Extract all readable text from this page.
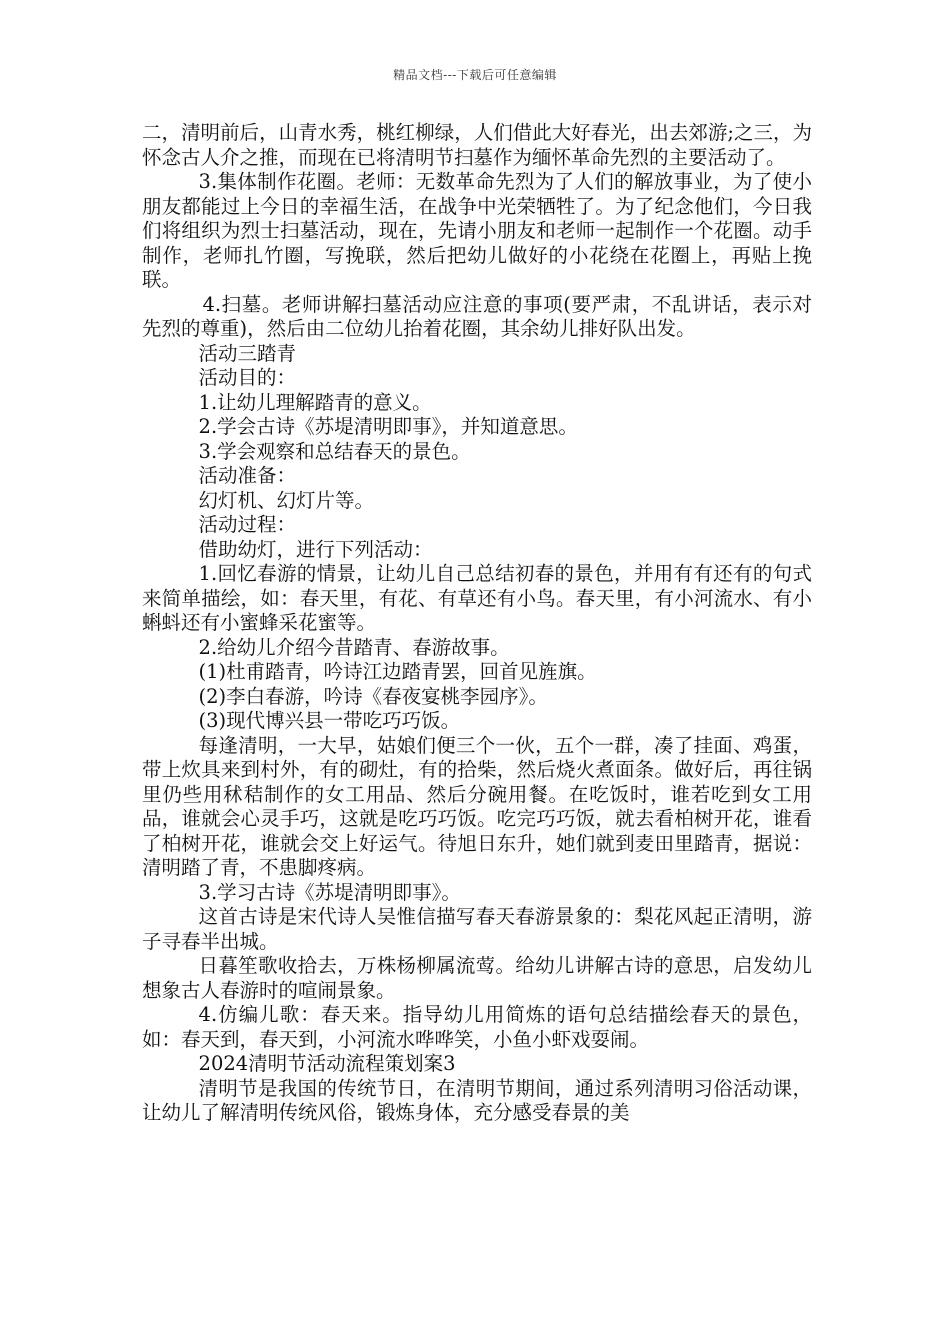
精品文档---下载后可任意编辑

二，清明前后，山青水秀，桃红柳绿，人们借此大好春光，出去郊游;之三，为怀念古人介之推，而现在已将清明节扫墓作为缅怀革命先烈的主要活动了。

3.集体制作花圈。老师：无数革命先烈为了人们的解放事业，为了使小朋友都能过上今日的幸福生活，在战争中光荣牺牲了。为了纪念他们，今日我们将组织为烈士扫墓活动，现在，先请小朋友和老师一起制作一个花圈。动手制作，老师扎竹圈，写挽联，然后把幼儿做好的小花绕在花圈上，再贴上挽联。

4.扫墓。老师讲解扫墓活动应注意的事项(要严肃，不乱讲话，表示对先烈的尊重)，然后由二位幼儿抬着花圈，其余幼儿排好队出发。

活动三踏青

活动目的：

1.让幼儿理解踏青的意义。

2.学会古诗《苏堤清明即事》，并知道意思。

3.学会观察和总结春天的景色。

活动准备：

幻灯机、幻灯片等。

活动过程：

借助幼灯，进行下列活动：

1.回忆春游的情景，让幼儿自己总结初春的景色，并用有有还有的句式来简单描绘，如：春天里，有花、有草还有小鸟。春天里，有小河流水、有小蝌蚪还有小蜜蜂采花蜜等。

2.给幼儿介绍今昔踏青、春游故事。

(1)杜甫踏青，吟诗江边踏青罢，回首见旌旗。

(2)李白春游，吟诗《春夜宴桃李园序》。

(3)现代博兴县一带吃巧巧饭。

每逢清明，一大早，姑娘们便三个一伙，五个一群，凑了挂面、鸡蛋，带上炊具来到村外，有的砌灶，有的拾柴，然后烧火煮面条。做好后，再往锅里仍些用秫秸制作的女工用品、然后分碗用餐。在吃饭时，谁若吃到女工用品，谁就会心灵手巧，这就是吃巧巧饭。吃完巧巧饭，就去看柏树开花，谁看了柏树开花，谁就会交上好运气。待旭日东升，她们就到麦田里踏青，据说：清明踏了青，不患脚疼病。

3.学习古诗《苏堤清明即事》。

这首古诗是宋代诗人吴惟信描写春天春游景象的：梨花风起正清明，游子寻春半出城。

日暮笙歌收拾去，万株杨柳属流莺。给幼儿讲解古诗的意思，启发幼儿想象古人春游时的喧闹景象。

4.仿编儿歌：春天来。指导幼儿用简炼的语句总结描绘春天的景色，如：春天到，春天到，小河流水哗哗笑，小鱼小虾戏耍闹。

2024清明节活动流程策划案3

清明节是我国的传统节日，在清明节期间，通过系列清明习俗活动课，让幼儿了解清明传统风俗，锻炼身体，充分感受春景的美
